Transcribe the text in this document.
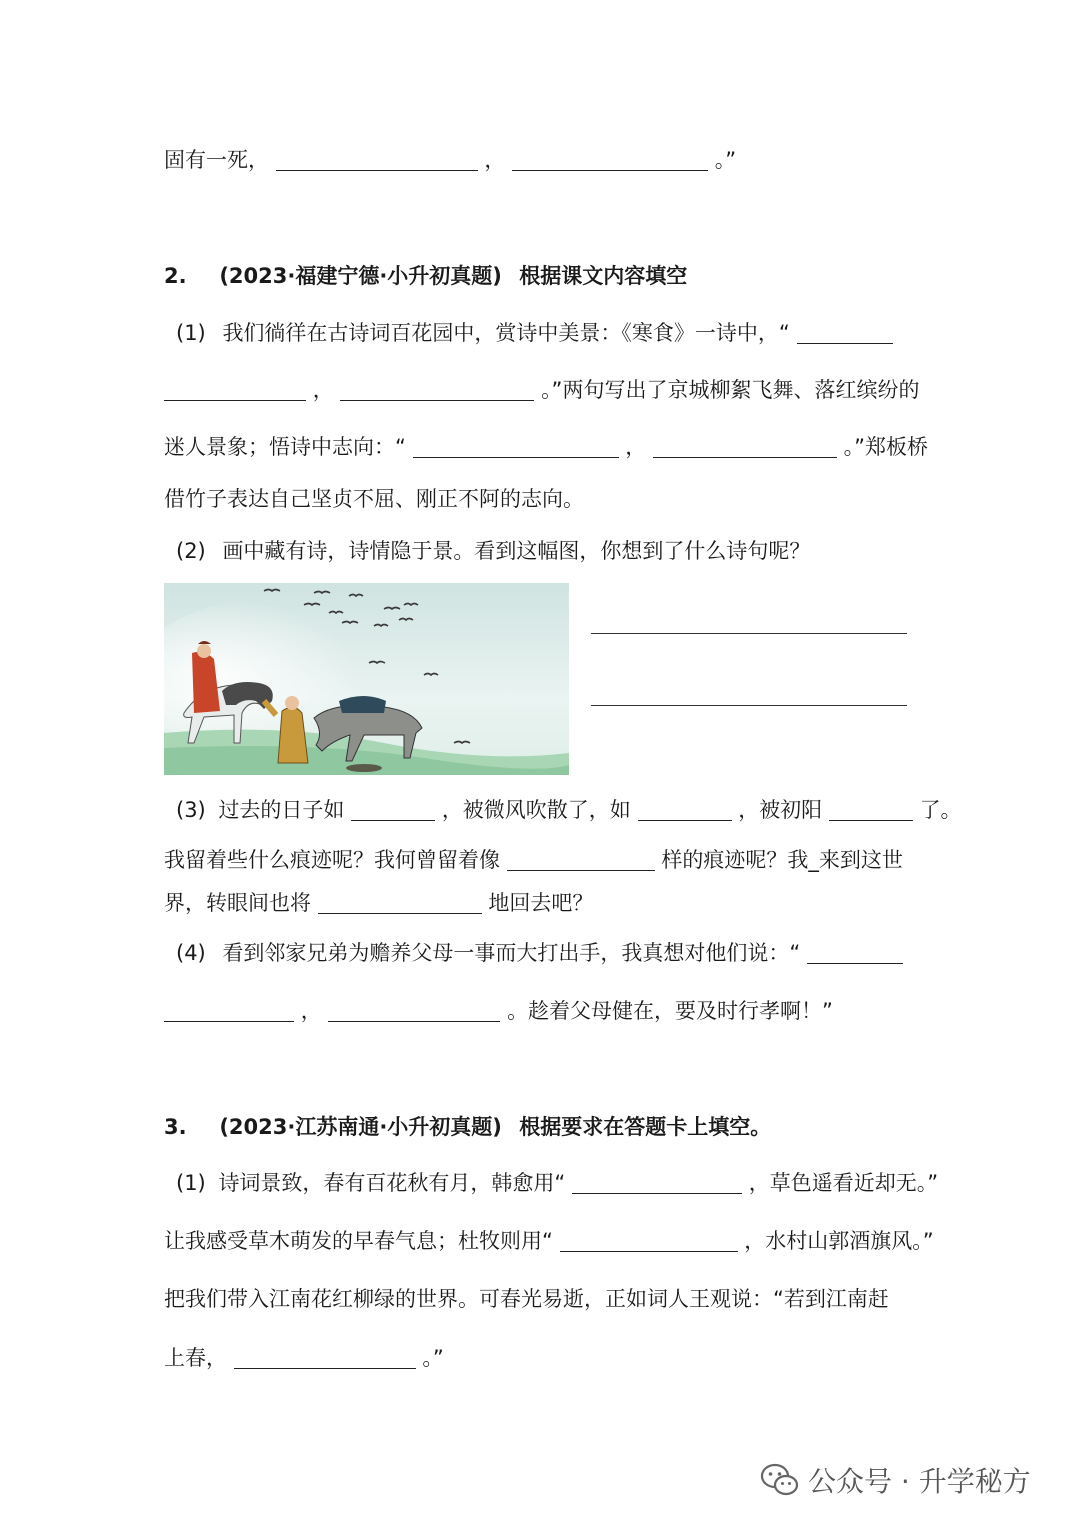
固有一死，	，	。”
2. (2023·福建宁德·小升初真题) 根据课文内容填空
(1) 我们徜徉在古诗词百花园中，赏诗中美景：《寒食》一诗中，“
，	。”两句写出了京城柳絮飞舞、落红缤纷的
迷人景象；悟诗中志向：“	，	。”郑板桥
借竹子表达自己坚贞不屈、刚正不阿的志向。
(2) 画中藏有诗，诗情隐于景。看到这幅图，你想到了什么诗句呢？
(3) 过去的日子如	，被微风吹散了，如	，被初阳	了。
我留着些什么痕迹呢？我何曾留着像	样的痕迹呢？我_来到这世
界，转眼间也将	地回去吧？
(4) 看到邻家兄弟为赡养父母一事而大打出手，我真想对他们说：“
，	。趁着父母健在，要及时行孝啊！”
3. (2023·江苏南通·小升初真题) 根据要求在答题卡上填空。
(1) 诗词景致，春有百花秋有月，韩愈用“	，草色遥看近却无。”
让我感受草木萌发的早春气息；杜牧则用“	，水村山郭酒旗风。”
把我们带入江南花红柳绿的世界。可春光易逝，正如词人王观说：“若到江南赶
上春，	。”
公众号 · 升学秘方
